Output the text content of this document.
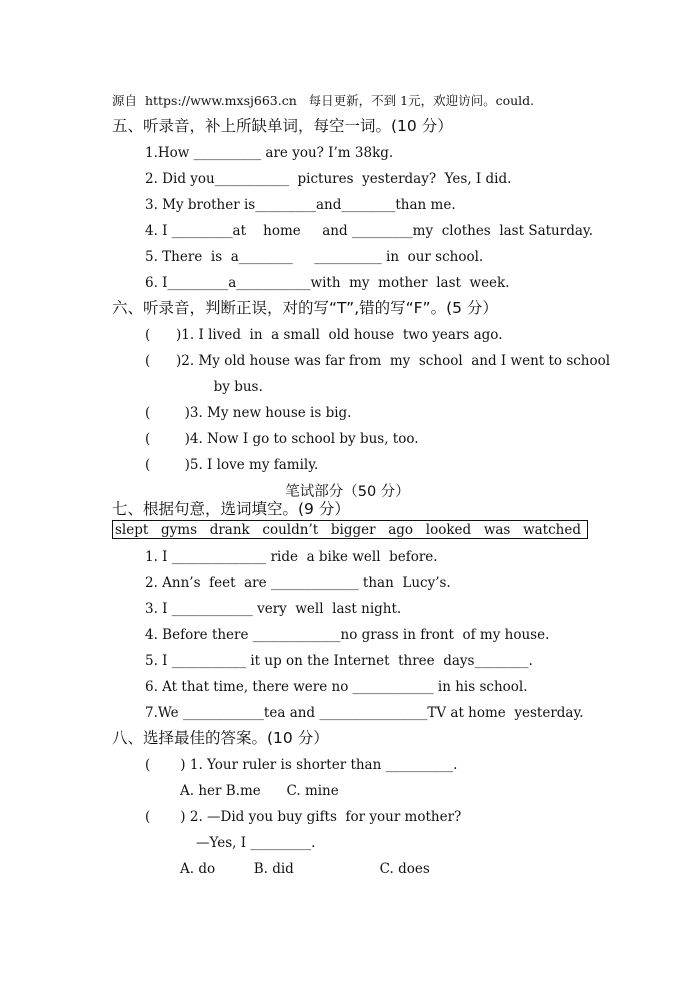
源自  https://www.mxsj663.cn   每日更新，不到 1元，欢迎访问。could.
五、听录音，补上所缺单词，每空一词。(10 分）
1.How __________ are you? I’m 38kg.
2. Did you___________  pictures  yesterday?  Yes, I did.
3. My brother is_________and________than me.
4. I _________at    home     and _________my  clothes  last Saturday.
5. There  is  a________     __________ in  our school.
6. I_________a___________with  my  mother  last  week.
六、听录音，判断正误，对的写“T”,错的写“F”。(5 分）
(      )1. I lived  in  a small  old house  two years ago.
(      )2. My old house was far from  my  school  and I went to school
by bus.
(        )3. My new house is big.
(        )4. Now I go to school by bus, too.
(        )5. I love my family.
笔试部分（50 分）
七、根据句意，选词填空。(9 分）
slept gyms drank couldn’t bigger ago looked was watched
1. I ______________ ride  a bike well  before.
2. Ann’s  feet  are _____________ than  Lucy’s.
3. I ____________ very  well  last night.
4. Before there _____________no grass in front  of my house.
5. I ___________ it up on the Internet  three  days________.
6. At that time, there were no ____________ in his school.
7.We ____________tea and ________________TV at home  yesterday.
八、选择最佳的答案。(10 分）
(       ) 1. Your ruler is shorter than __________.
A. her B.me      C. mine
(       ) 2. —Did you buy gifts  for your mother?
—Yes, I _________.
A. do         B. did                    C. does
